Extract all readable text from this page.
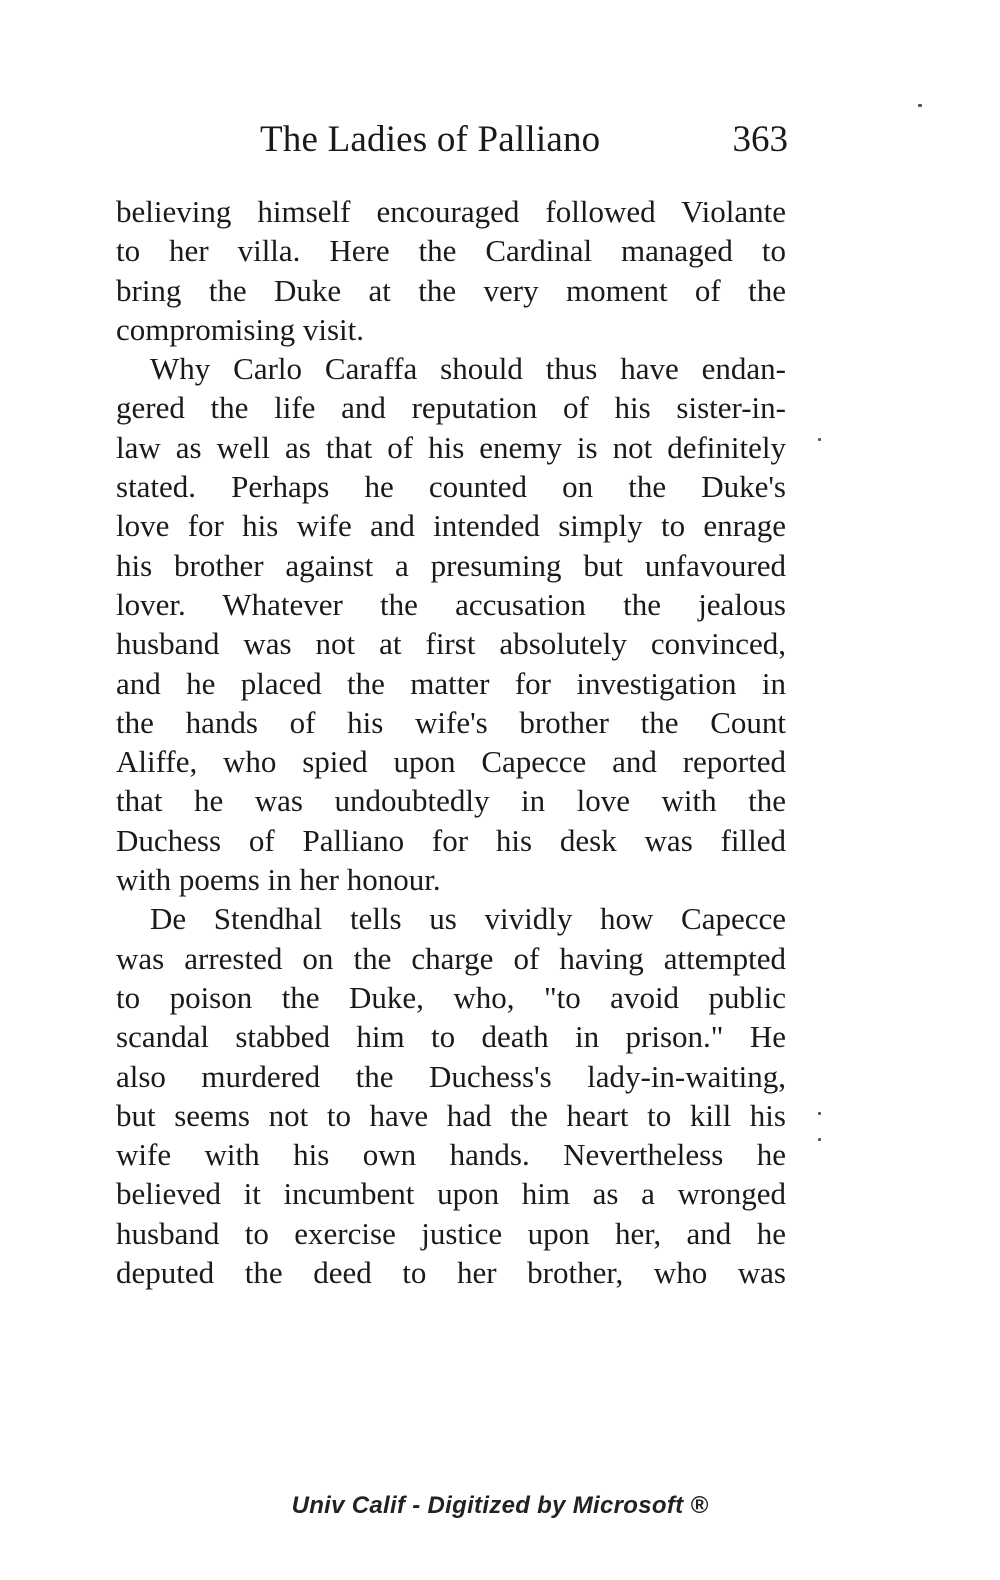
The Ladies of Palliano	363
believing himself encouraged followed Violante
to her villa. Here the Cardinal managed to
bring the Duke at the very moment of the
compromising visit.
Why Carlo Caraffa should thus have endan-
gered the life and reputation of his sister-in-
law as well as that of his enemy is not definitely
stated. Perhaps he counted on the Duke's
love for his wife and intended simply to enrage
his brother against a presuming but unfavoured
lover. Whatever the accusation the jealous
husband was not at first absolutely convinced,
and he placed the matter for investigation in
the hands of his wife's brother the Count
Aliffe, who spied upon Capecce and reported
that he was undoubtedly in love with the
Duchess of Palliano for his desk was filled
with poems in her honour.
De Stendhal tells us vividly how Capecce
was arrested on the charge of having attempted
to poison the Duke, who, "to avoid public
scandal stabbed him to death in prison." He
also murdered the Duchess's lady-in-waiting,
but seems not to have had the heart to kill his
wife with his own hands. Nevertheless he
believed it incumbent upon him as a wronged
husband to exercise justice upon her, and he
deputed the deed to her brother, who was
Univ Calif - Digitized by Microsoft ®
